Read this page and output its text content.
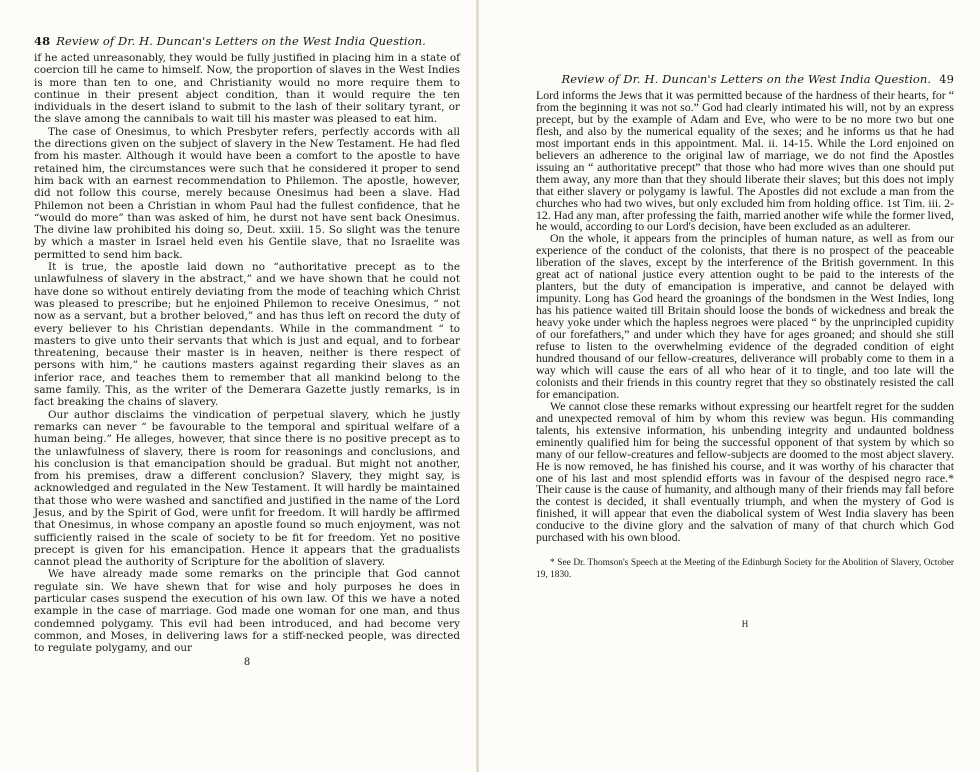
48 Review of Dr. H. Duncan's Letters on the West India Question.

if he acted unreasonably, they would be fully justified in placing him in a state of coercion till he came to himself. Now, the proportion of slaves in the West Indies is more than ten to one, and Christianity would no more require them to continue in their present abject condition, than it would require the ten individuals in the desert island to submit to the lash of their solitary tyrant, or the slave among the cannibals to wait till his master was pleased to eat him.

The case of Onesimus, to which Presbyter refers, perfectly accords with all the directions given on the subject of slavery in the New Testament. He had fled from his master. Although it would have been a comfort to the apostle to have retained him, the circumstances were such that he considered it proper to send him back with an earnest recommendation to Philemon. The apostle, however, did not follow this course, merely because Onesimus had been a slave. Had Philemon not been a Christian in whom Paul had the fullest confidence, that he “would do more” than was asked of him, he durst not have sent back Onesimus. The divine law prohibited his doing so, Deut. xxiii. 15. So slight was the tenure by which a master in Israel held even his Gentile slave, that no Israelite was permitted to send him back.

It is true, the apostle laid down no “authoritative precept as to the unlawfulness of slavery in the abstract,” and we have shown that he could not have done so without entirely deviating from the mode of teaching which Christ was pleased to prescribe; but he enjoined Philemon to receive Onesimus, “ not now as a servant, but a brother beloved,” and has thus left on record the duty of every believer to his Christian dependants. While in the commandment “ to masters to give unto their servants that which is just and equal, and to forbear threatening, because their master is in heaven, neither is there respect of persons with him,” he cautions masters against regarding their slaves as an inferior race, and teaches them to remember that all mankind belong to the same family. This, as the writer of the Demerara Gazette justly remarks, is in fact breaking the chains of slavery.

Our author disclaims the vindication of perpetual slavery, which he justly remarks can never “ be favourable to the temporal and spiritual welfare of a human being.” He alleges, however, that since there is no positive precept as to the unlawfulness of slavery, there is room for reasonings and conclusions, and his conclusion is that emancipation should be gradual. But might not another, from his premises, draw a different conclusion? Slavery, they might say, is acknowledged and regulated in the New Testament. It will hardly be maintained that those who were washed and sanctified and justified in the name of the Lord Jesus, and by the Spirit of God, were unfit for freedom. It will hardly be affirmed that Onesimus, in whose company an apostle found so much enjoyment, was not sufficiently raised in the scale of society to be fit for freedom. Yet no positive precept is given for his emancipation. Hence it appears that the gradualists cannot plead the authority of Scripture for the abolition of slavery.

We have already made some remarks on the principle that God cannot regulate sin. We have shewn that for wise and holy purposes he does in particular cases suspend the execution of his own law. Of this we have a noted example in the case of marriage. God made one woman for one man, and thus condemned polygamy. This evil had been introduced, and had become very common, and Moses, in delivering laws for a stiff-necked people, was directed to regulate polygamy, and our

8
Review of Dr. H. Duncan's Letters on the West India Question. 49

Lord informs the Jews that it was permitted because of the hardness of their hearts, for “ from the beginning it was not so.” God had clearly intimated his will, not by an express precept, but by the example of Adam and Eve, who were to be no more two but one flesh, and also by the numerical equality of the sexes; and he informs us that he had most important ends in this appointment. Mal. ii. 14-15. While the Lord enjoined on believers an adherence to the original law of marriage, we do not find the Apostles issuing an “ authoritative precept” that those who had more wives than one should put them away, any more than that they should liberate their slaves; but this does not imply that either slavery or polygamy is lawful. The Apostles did not exclude a man from the churches who had two wives, but only excluded him from holding office. 1st Tim. iii. 2-12. Had any man, after professing the faith, married another wife while the former lived, he would, according to our Lord's decision, have been excluded as an adulterer.

On the whole, it appears from the principles of human nature, as well as from our experience of the conduct of the colonists, that there is no prospect of the peaceable liberation of the slaves, except by the interference of the British government. In this great act of national justice every attention ought to be paid to the interests of the planters, but the duty of emancipation is imperative, and cannot be delayed with impunity. Long has God heard the groanings of the bondsmen in the West Indies, long has his patience waited till Britain should loose the bonds of wickedness and break the heavy yoke under which the hapless negroes were placed “ by the unprincipled cupidity of our forefathers,” and under which they have for ages groaned; and should she still refuse to listen to the overwhelming evidence of the degraded condition of eight hundred thousand of our fellow-creatures, deliverance will probably come to them in a way which will cause the ears of all who hear of it to tingle, and too late will the colonists and their friends in this country regret that they so obstinately resisted the call for emancipation.

We cannot close these remarks without expressing our heartfelt regret for the sudden and unexpected removal of him by whom this review was begun. His commanding talents, his extensive information, his unbending integrity and undaunted boldness eminently qualified him for being the successful opponent of that system by which so many of our fellow-creatures and fellow-subjects are doomed to the most abject slavery. He is now removed, he has finished his course, and it was worthy of his character that one of his last and most splendid efforts was in favour of the despised negro race.* Their cause is the cause of humanity, and although many of their friends may fall before the contest is decided, it shall eventually triumph, and when the mystery of God is finished, it will appear that even the diabolical system of West India slavery has been conducive to the divine glory and the salvation of many of that church which God purchased with his own blood.

* See Dr. Thomson's Speech at the Meeting of the Edinburgh Society for the Abolition of Slavery, October 19, 1830.
H
